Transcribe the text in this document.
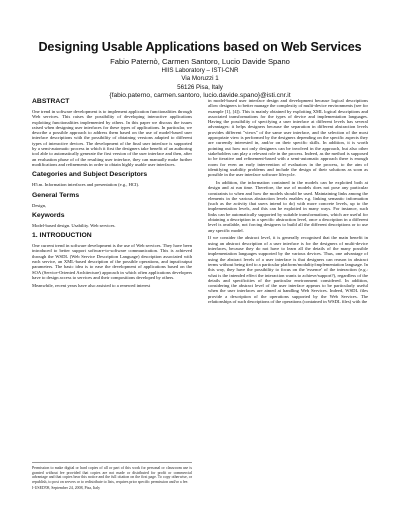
Designing Usable Applications based on Web Services
Fabio Paternò, Carmen Santoro, Lucio Davide Spano
HIIS Laboratory – ISTI-CNR
Via Moruzzi 1
56126 Pisa, Italy
{fabio.paterno, carmen.santoro, lucio.davide.spano}@isti.cnr.it
ABSTRACT

One trend in software development is to implement application functionalities through Web services. This raises the possibility of developing interactive applications exploiting functionalities implemented by others. In this paper we discuss the issues raised when designing user interfaces for these types of applications. In particular, we describe a possible approach to address them based on the use of model-based user interface descriptions with the possibility of obtaining versions adapted to different types of interactive devices. The development of the final user interface is supported by a semi-automatic process in which it first the designers take benefit of an authoring tool able to automatically generate the first version of the user interface and then, after an evaluation phase of of the resulting user interface, they can manually make further modifications and refinements in order to obtain highly usable user interfaces.

Categories and Subject Descriptors

H5.m. Information interfaces and presentation (e.g., HCI).

General Terms

Design,

Keywords

Model-based design. Usability. Web services.

1. INTRODUCTION

One current trend in software development is the use of Web services. They have been introduced to better support software-to-software communication. This is achieved through the WSDL (Web Service Description Language) description associated with each service, an XML-based description of the possible operations, and input/output parameters. The basic idea is to ease the development of applications based on the SOA (Service-Oriented Architecture) approach in which often applications developers have to design access to services and their compositions developed by others.

Meanwhile, recent years have also assisted to a renewed interest

in model-based user interface design and development because logical descriptions allow designers to better manage the complexity of multi-device environments (see for example [1], [4]). This is mainly obtained by exploiting XML logical descriptions and associated transformations for the types of device and implementation languages. Having the possibility of specifying a user interface at different levels has several advantages: it helps designers because the separation in different abstraction levels provides different "views" of the same user interface, and the selection of the most appropriate view is performed by the designers depending on the specific aspects they are currently interested in, and/or on their specific skills. In addition, it is worth pointing out how not only designers can be involved in the approach, but also other stakeholders can play a relevant role in the process. Indeed, as the method is supposed to be iterative and refinement-based with a semi-automatic approach there is enough room for even an early intervention of evaluators in the process, to the aim of identifying usability problems and include the design of their solutions as soon as possible in the user interface software lifecycle.

In addition, the information contained in the models can be exploited both at design and at run time. Therefore, the use of models does not pose any particular constraints to when and how the models should be used. Maintaining links among the elements in the various abstraction levels enables e.g. linking semantic information (such as the activity that users intend to do) with more concrete levels, up to the implementation levels, and this can be exploited in many ways. For instance, such links can be automatically supported by suitable transformations, which are useful for obtaining a description in a specific abstraction level, once a description in a different level is available, not forcing designers to build all the different descriptions or to use any specific model.

If we consider the abstract level, it is generally recognised that the main benefit in using an abstract description of a user interface is for the designers of multi-device interfaces, because they do not have to learn all the details of the many possible implementation languages supported by the various devices. Thus, one advantage of using the abstract levels of a user interface is that designers can reason in abstract terms without being tied to a particular platform/modality/implementation language. In this way, they have the possibility to focus on the 'essence' of the interaction (e.g.: what is the intended effect the interaction wants to achieve/support?), regardless of the details and specificities of the particular environment considered. In addition, considering the abstract level of the user interface appears to be particularly useful when the user interfaces are aimed at handling Web Services. Indeed, WSDL files provide a description of the operations supported by the Web Services. The relationships of such descriptions of the operations (contained in WSDL files) with the

Permission to make digital or hard copies of all or part of this work for personal or classroom use is granted without fee provided that copies are not made or distributed for profit or commercial advantage and that copies bear this notice and the full citation on the first page. To copy otherwise, or republish, to post on servers or to redistribute to lists, requires prior specific permission and/or a fee.

I-USED'08, September 24, 2008, Pisa, Italy
